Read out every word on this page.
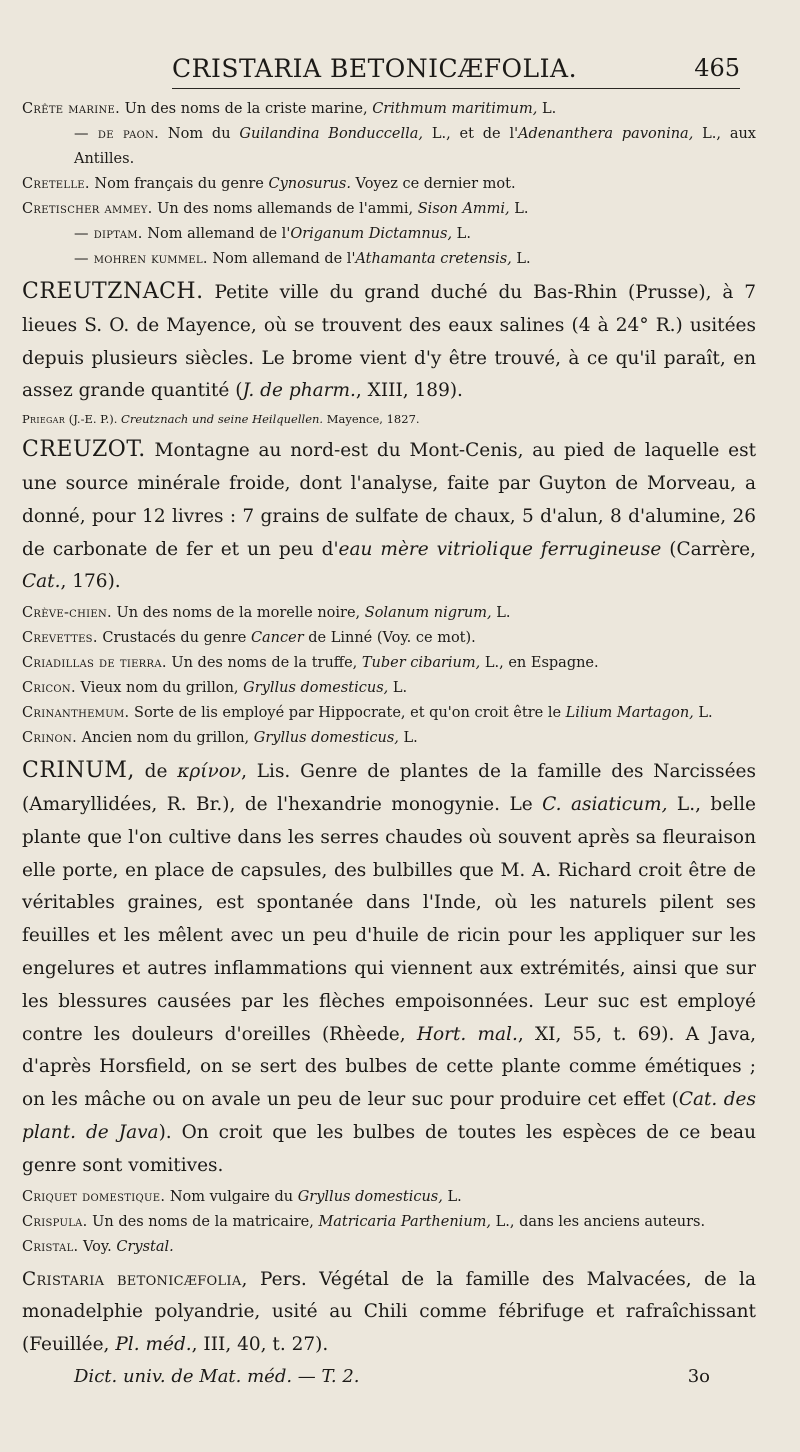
CRISTARIA BETONICÆFOLIA.	465

Crête marine. Un des noms de la criste marine, Crithmum maritimum, L.

— de paon. Nom du Guilandina Bonduccella, L., et de l'Adenanthera pavonina, L., aux Antilles.

Cretelle. Nom français du genre Cynosurus. Voyez ce dernier mot.

Cretischer ammey. Un des noms allemands de l'ammi, Sison Ammi, L.

— diptam. Nom allemand de l'Origanum Dictamnus, L.

— mohren kummel. Nom allemand de l'Athamanta cretensis, L.

CREUTZNACH. Petite ville du grand duché du Bas-Rhin (Prusse), à 7 lieues S. O. de Mayence, où se trouvent des eaux salines (4 à 24° R.) usitées depuis plusieurs siècles. Le brome vient d'y être trouvé, à ce qu'il paraît, en assez grande quantité (J. de pharm., XIII, 189).

Priegar (J.-E. P.). Creutznach und seine Heilquellen. Mayence, 1827.

CREUZOT. Montagne au nord-est du Mont-Cenis, au pied de laquelle est une source minérale froide, dont l'analyse, faite par Guyton de Morveau, a donné, pour 12 livres : 7 grains de sulfate de chaux, 5 d'alun, 8 d'alumine, 26 de carbonate de fer et un peu d'eau mère vitriolique ferrugineuse (Carrère, Cat., 176).

Crève-chien. Un des noms de la morelle noire, Solanum nigrum, L.

Crevettes. Crustacés du genre Cancer de Linné (Voy. ce mot).

Criadillas de tierra. Un des noms de la truffe, Tuber cibarium, L., en Espagne.

Cricon. Vieux nom du grillon, Gryllus domesticus, L.

Crinanthemum. Sorte de lis employé par Hippocrate, et qu'on croit être le Lilium Martagon, L.

Crinon. Ancien nom du grillon, Gryllus domesticus, L.

CRINUM, de κρίνον, Lis. Genre de plantes de la famille des Narcissées (Amaryllidées, R. Br.), de l'hexandrie monogynie. Le C. asiaticum, L., belle plante que l'on cultive dans les serres chaudes où souvent après sa fleuraison elle porte, en place de capsules, des bulbilles que M. A. Richard croit être de véritables graines, est spontanée dans l'Inde, où les naturels pilent ses feuilles et les mêlent avec un peu d'huile de ricin pour les appliquer sur les engelures et autres inflammations qui viennent aux extrémités, ainsi que sur les blessures causées par les flèches empoisonnées. Leur suc est employé contre les douleurs d'oreilles (Rhèede, Hort. mal., XI, 55, t. 69). A Java, d'après Horsfield, on se sert des bulbes de cette plante comme émétiques ; on les mâche ou on avale un peu de leur suc pour produire cet effet (Cat. des plant. de Java). On croit que les bulbes de toutes les espèces de ce beau genre sont vomitives.

Criquet domestique. Nom vulgaire du Gryllus domesticus, L.

Crispula. Un des noms de la matricaire, Matricaria Parthenium, L., dans les anciens auteurs.

Cristal. Voy. Crystal.

Cristaria betonicæfolia, Pers. Végétal de la famille des Malvacées, de la monadelphie polyandrie, usité au Chili comme fébrifuge et rafraîchissant (Feuillée, Pl. méd., III, 40, t. 27).

Dict. univ. de Mat. méd. — T. 2.	3o
